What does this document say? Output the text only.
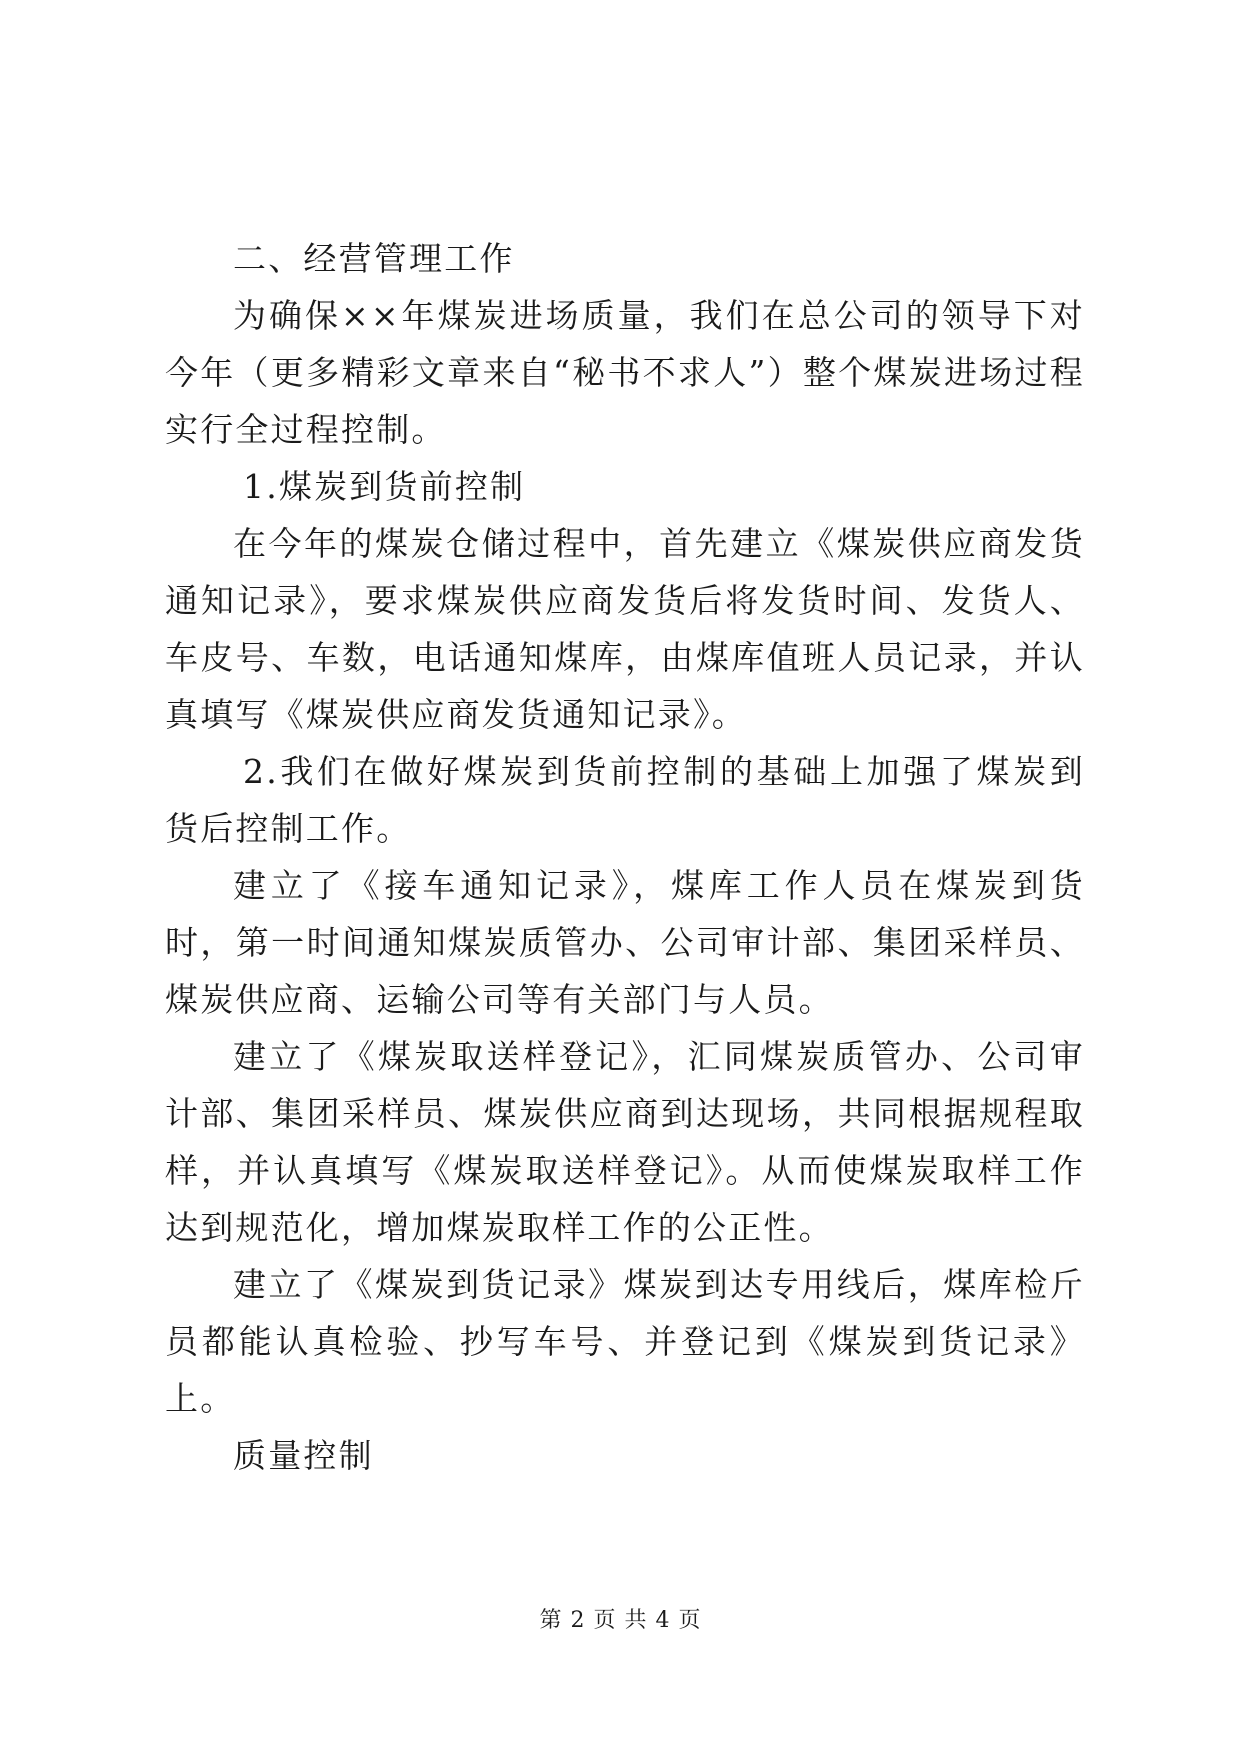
二、经营管理工作

为确保××年煤炭进场质量，我们在总公司的领导下对今年（更多精彩文章来自“秘书不求人”）整个煤炭进场过程实行全过程控制。

1.煤炭到货前控制

在今年的煤炭仓储过程中，首先建立《煤炭供应商发货通知记录》，要求煤炭供应商发货后将发货时间、发货人、车皮号、车数，电话通知煤库，由煤库值班人员记录，并认真填写《煤炭供应商发货通知记录》。

2.我们在做好煤炭到货前控制的基础上加强了煤炭到货后控制工作。

建立了《接车通知记录》，煤库工作人员在煤炭到货时，第一时间通知煤炭质管办、公司审计部、集团采样员、煤炭供应商、运输公司等有关部门与人员。

建立了《煤炭取送样登记》，汇同煤炭质管办、公司审计部、集团采样员、煤炭供应商到达现场，共同根据规程取样，并认真填写《煤炭取送样登记》。从而使煤炭取样工作达到规范化，增加煤炭取样工作的公正性。

建立了《煤炭到货记录》煤炭到达专用线后，煤库检斤员都能认真检验、抄写车号、并登记到《煤炭到货记录》上。

质量控制

第 2 页 共 4 页
